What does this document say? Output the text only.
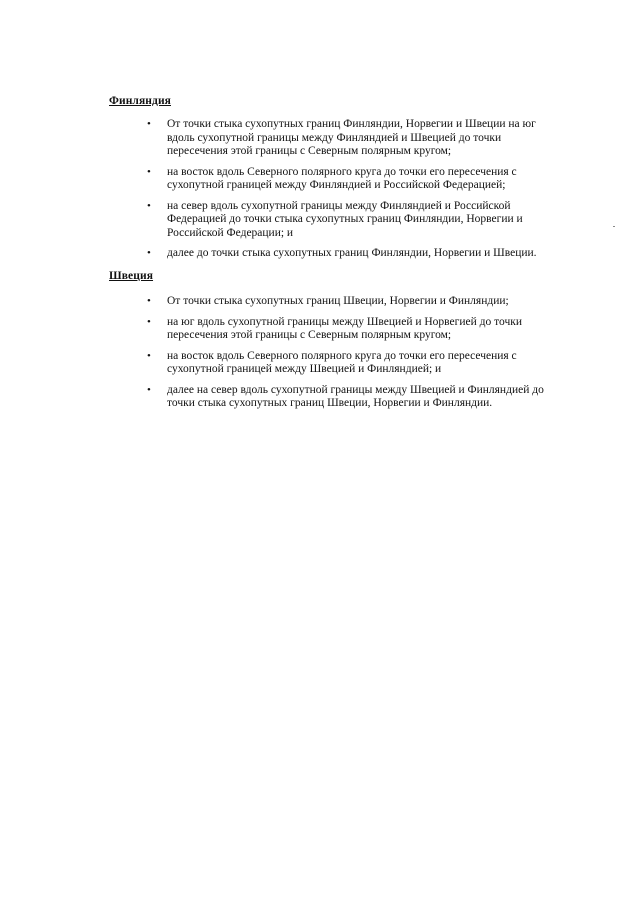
Финляндия
• От точки стыка сухопутных границ Финляндии, Норвегии и Швеции на юг вдоль сухопутной границы между Финляндией и Швецией до точки пересечения этой границы с Северным полярным кругом;
• на восток вдоль Северного полярного круга до точки его пересечения с сухопутной границей между Финляндией и Российской Федерацией;
• на север вдоль сухопутной границы между Финляндией и Российской Федерацией до точки стыка сухопутных границ Финляндии, Норвегии и Российской Федерации; и
• далее до точки стыка сухопутных границ Финляндии, Норвегии и Швеции.
Швеция
• От точки стыка сухопутных границ Швеции, Норвегии и Финляндии;
• на юг вдоль сухопутной границы между Швецией и Норвегией до точки пересечения этой границы с Северным полярным кругом;
• на восток вдоль Северного полярного круга до точки его пересечения с сухопутной границей между Швецией и Финляндией; и
• далее на север вдоль сухопутной границы между Швецией и Финляндией до точки стыка сухопутных границ Швеции, Норвегии и Финляндии.
